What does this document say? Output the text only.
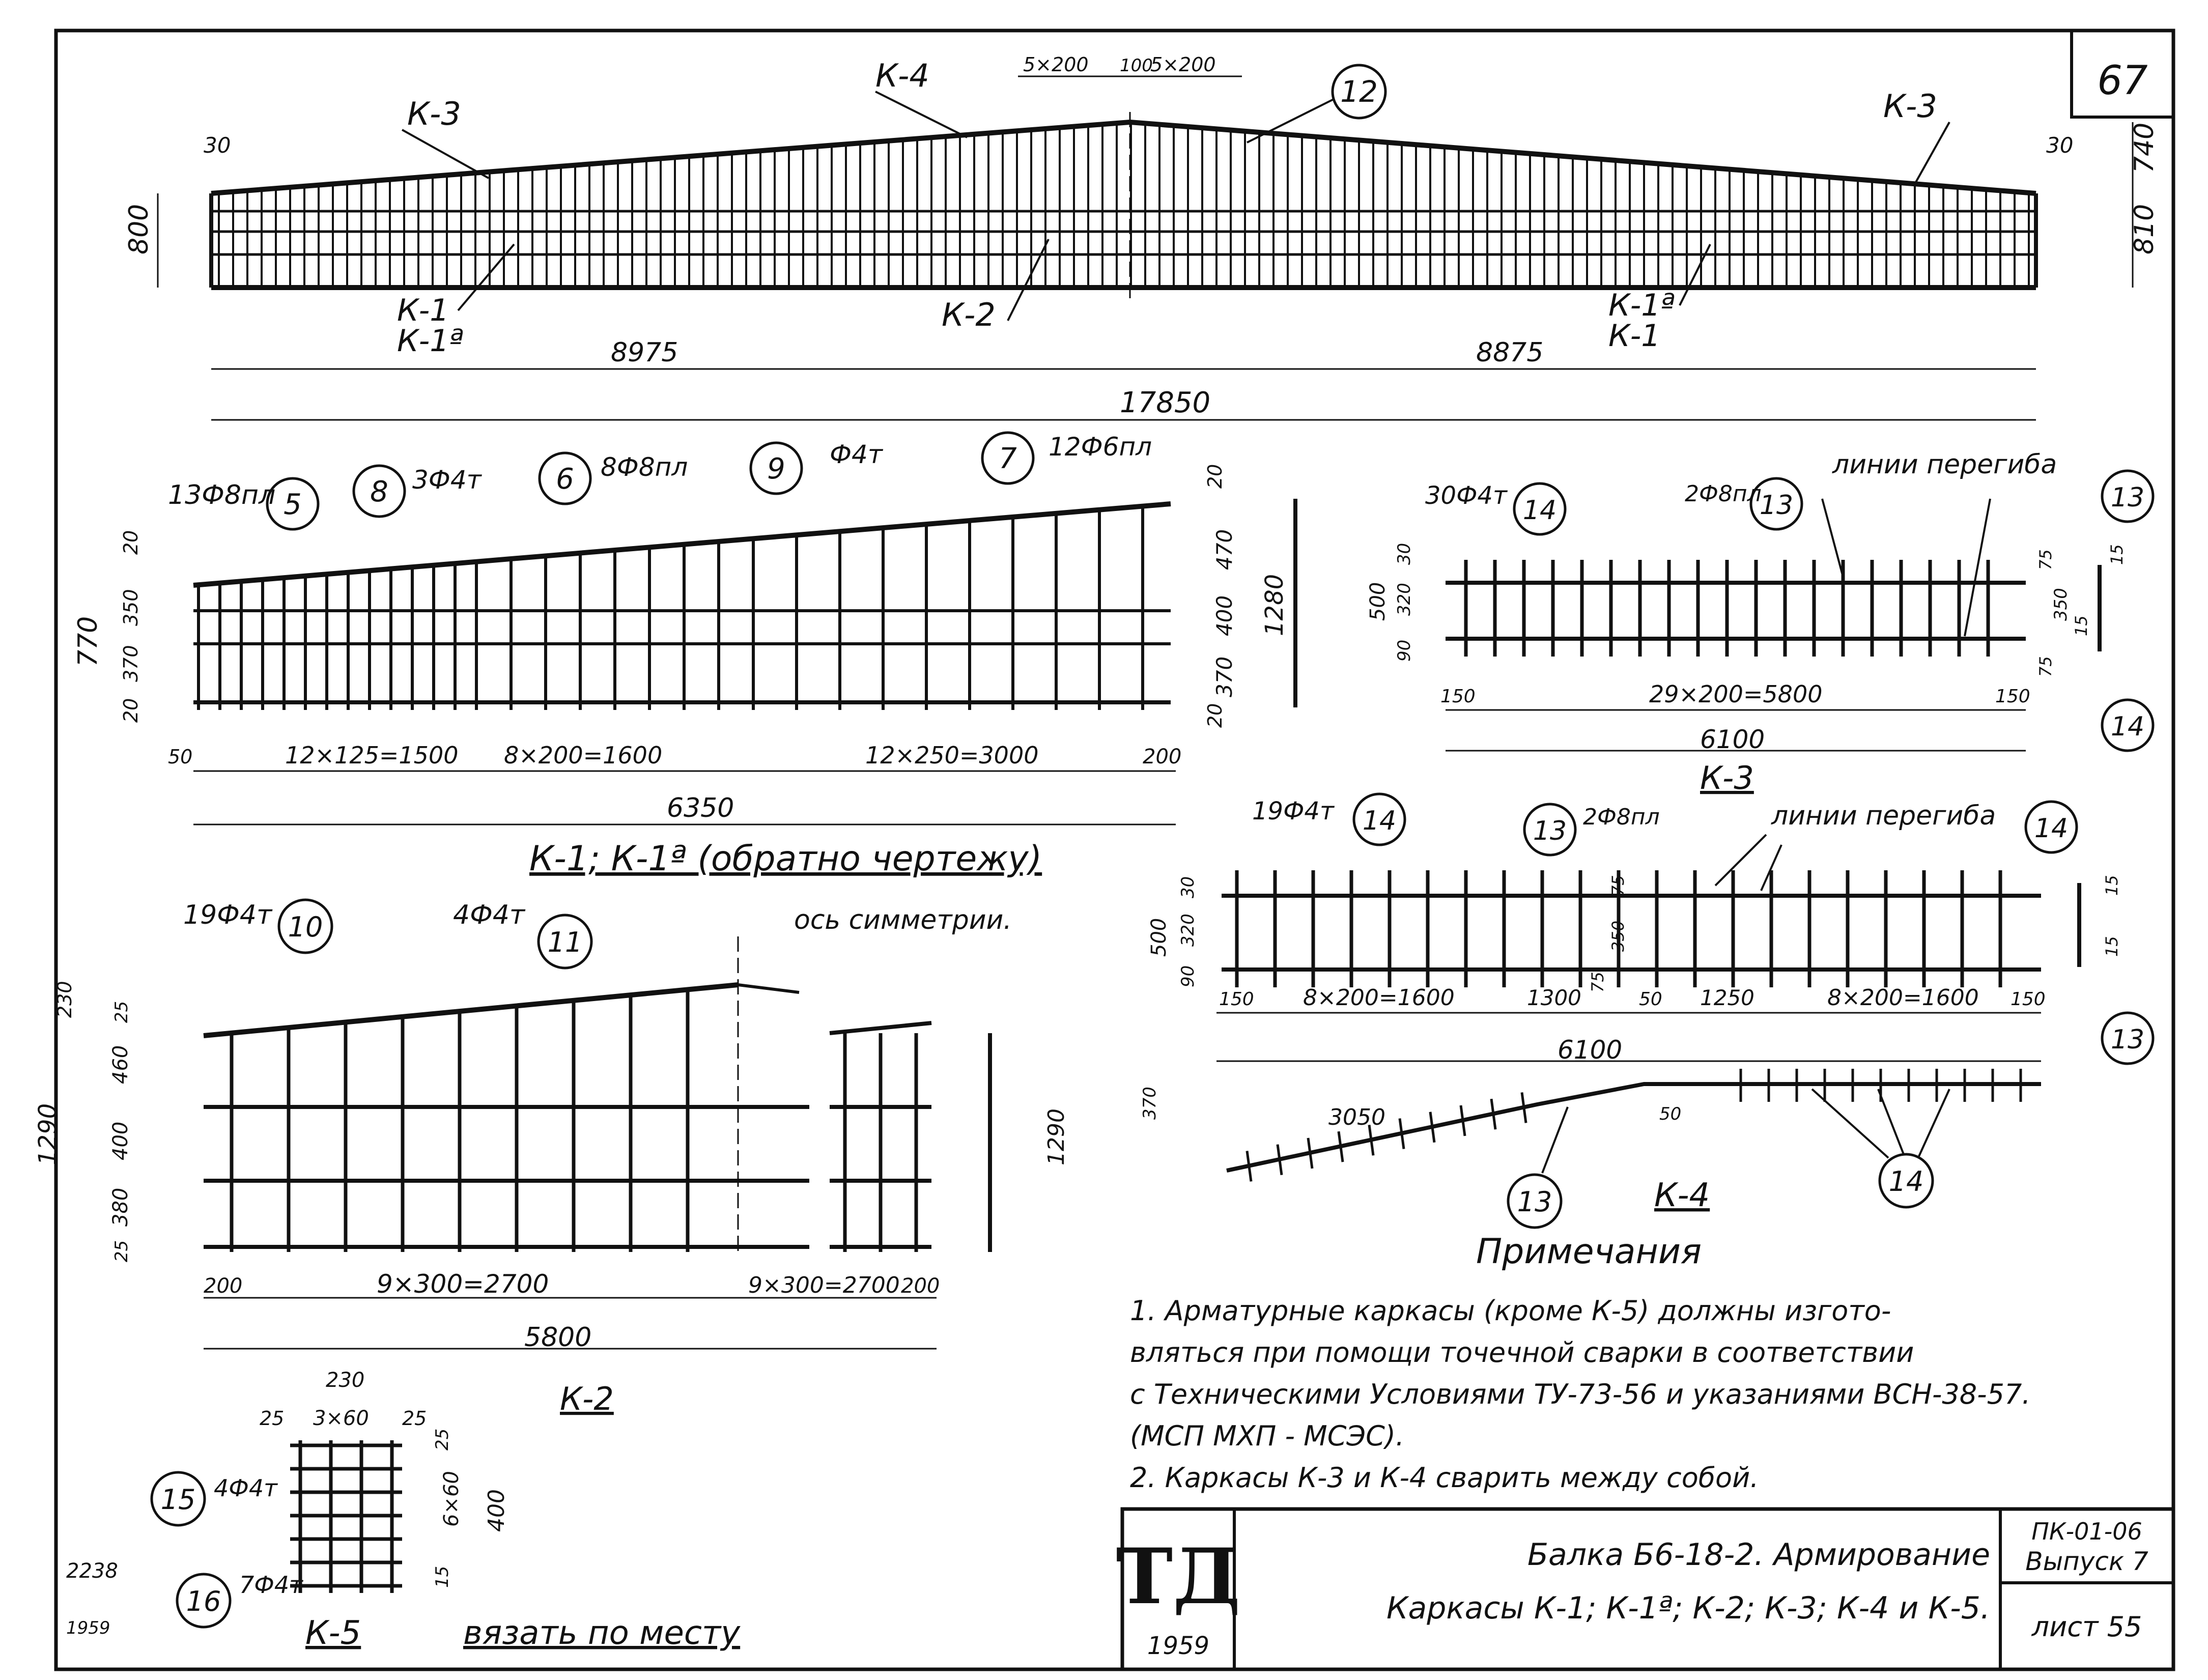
67
К-3
К-4
К-3
К-1
К-1ª
К-2	К-1ª
К-1
12
5×200 100
5×200
30	30
800
740
810
8975	8875
17850
13Ф8пл 5 8 3Ф4т	6 8Ф8пл	9 Ф4т	7 12Ф6пл
20
350
370
20
770
20
470
400
370
20
1280
50	12×125=1500 8×200=1600	12×250=3000	200
6350
К-1; К-1ª (обратно чертежу)
30Ф4т 14
2Ф8пл
13
линии перегиба
13
14
500
30
320
90
75	15
350
15
75
150	29×200=5800	150
6100
К-3
19Ф4т 14	13 2Ф8пл	линии перегиба 14
13
500
30
320
90
75
350
75
15
15
150 8×200=1600	1300	50 1250	8×200=1600 150
6100
370	3050	50
13
14
К-4
ось симметрии.
19Ф4т 10	4Ф4т
11
230 25
460
400
380
25
1290	1290
200	9×300=2700	9×300=2700 200
5800
К-2
230
25 3×60 25
25
6×60
15
400
15 4Ф4т
16
7Ф4т
К-5	вязать по месту
2238
1959
ТД
1959
Балка Б6-18-2. Армирование
Каркасы К-1; К-1ª; К-2; К-3; К-4 и К-5.
ПК-01-06
Выпуск 7
лист 55
Примечания
1. Арматурные каркасы (кроме К-5) должны изгото-
вляться при помощи точечной сварки в соответствии
с Техническими Условиями ТУ-73-56 и указаниями ВСН-38-57.
(МСП МХП - МСЭС).
2. Каркасы К-3 и К-4 сварить между собой.
